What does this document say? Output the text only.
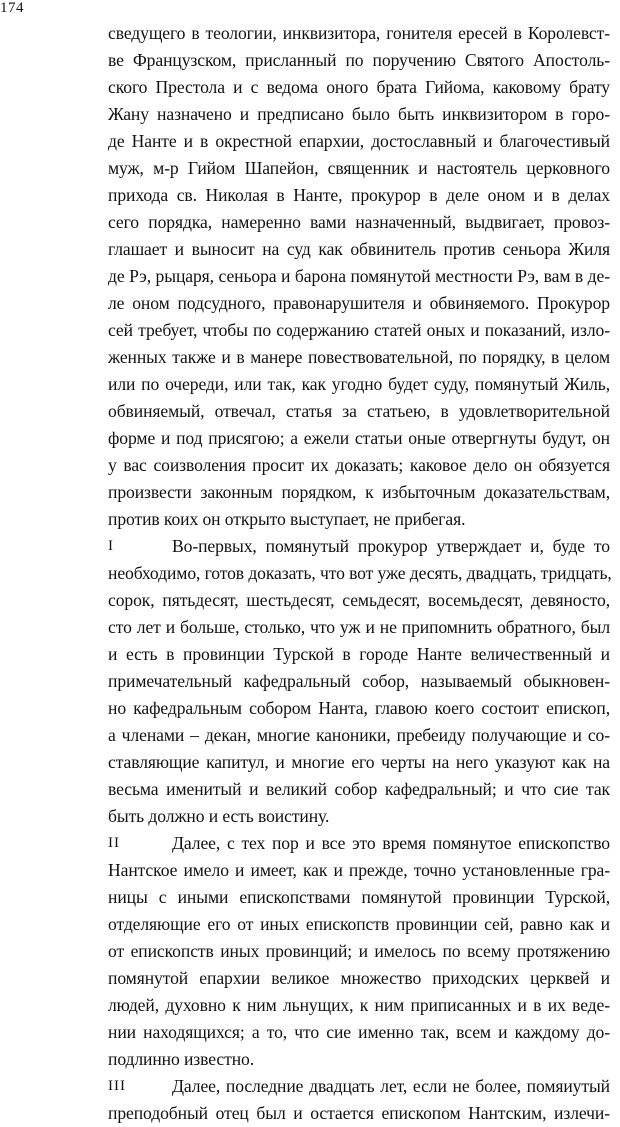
174
сведущего в теологии, инквизитора, гонителя ересей в Королевст-
ве Французском, присланный по поручению Святого Апостоль-
ского Престола и с ведома оного брата Гийома, каковому брату
Жану назначено и предписано было быть инквизитором в горо-
де Нанте и в окрестной епархии, достославный и благочестивый
муж, м-р Гийом Шапейон, священник и настоятель церковного
прихода св. Николая в Нанте, прокурор в деле оном и в делах
сего порядка, намеренно вами назначенный, выдвигает, провоз-
глашает и выносит на суд как обвинитель против сеньора Жиля
де Рэ, рыцаря, сеньора и барона помянутой местности Рэ, вам в де-
ле оном подсудного, правонарушителя и обвиняемого. Прокурор
сей требует, чтобы по содержанию статей оных и показаний, изло-
женных также и в манере повествовательной, по порядку, в целом
или по очереди, или так, как угодно будет суду, помянутый Жиль,
обвиняемый, отвечал, статья за статьею, в удовлетворительной
форме и под присягою; а ежели статьи оные отвергнуты будут, он
у вас соизволения просит их доказать; каковое дело он обязуется
произвести законным порядком, к избыточным доказательствам,
против коих он открыто выступает, не прибегая.
I	Во-первых, помянутый прокурор утверждает и, буде то
необходимо, готов доказать, что вот уже десять, двадцать, тридцать,
сорок, пятьдесят, шестьдесят, семьдесят, восемьдесят, девяносто,
сто лет и больше, столько, что уж и не припомнить обратного, был
и есть в провинции Турской в городе Нанте величественный и
примечательный кафедральный собор, называемый обыкновен-
но кафедральным собором Нанта, главою коего состоит епископ,
а членами – декан, многие каноники, пребеиду получающие и со-
ставляющие капитул, и многие его черты на него указуют как на
весьма именитый и великий собор кафедральный; и что сие так
быть должно и есть воистину.
II	Далее, с тех пор и все это время помянутое епископство
Нантское имело и имеет, как и прежде, точно установленные гра-
ницы с иными епископствами помянутой провинции Турской,
отделяющие его от иных епископств провинции сей, равно как и
от епископств иных провинций; и имелось по всему протяжению
помянутой епархии великое множество приходских церквей и
людей, духовно к ним льнущих, к ним приписанных и в их веде-
нии находящихся; а то, что сие именно так, всем и каждому до-
подлинно известно.
III	Далее, последние двадцать лет, если не более, помяиутый
преподобный отец был и остается епископом Нантским, излечи-
